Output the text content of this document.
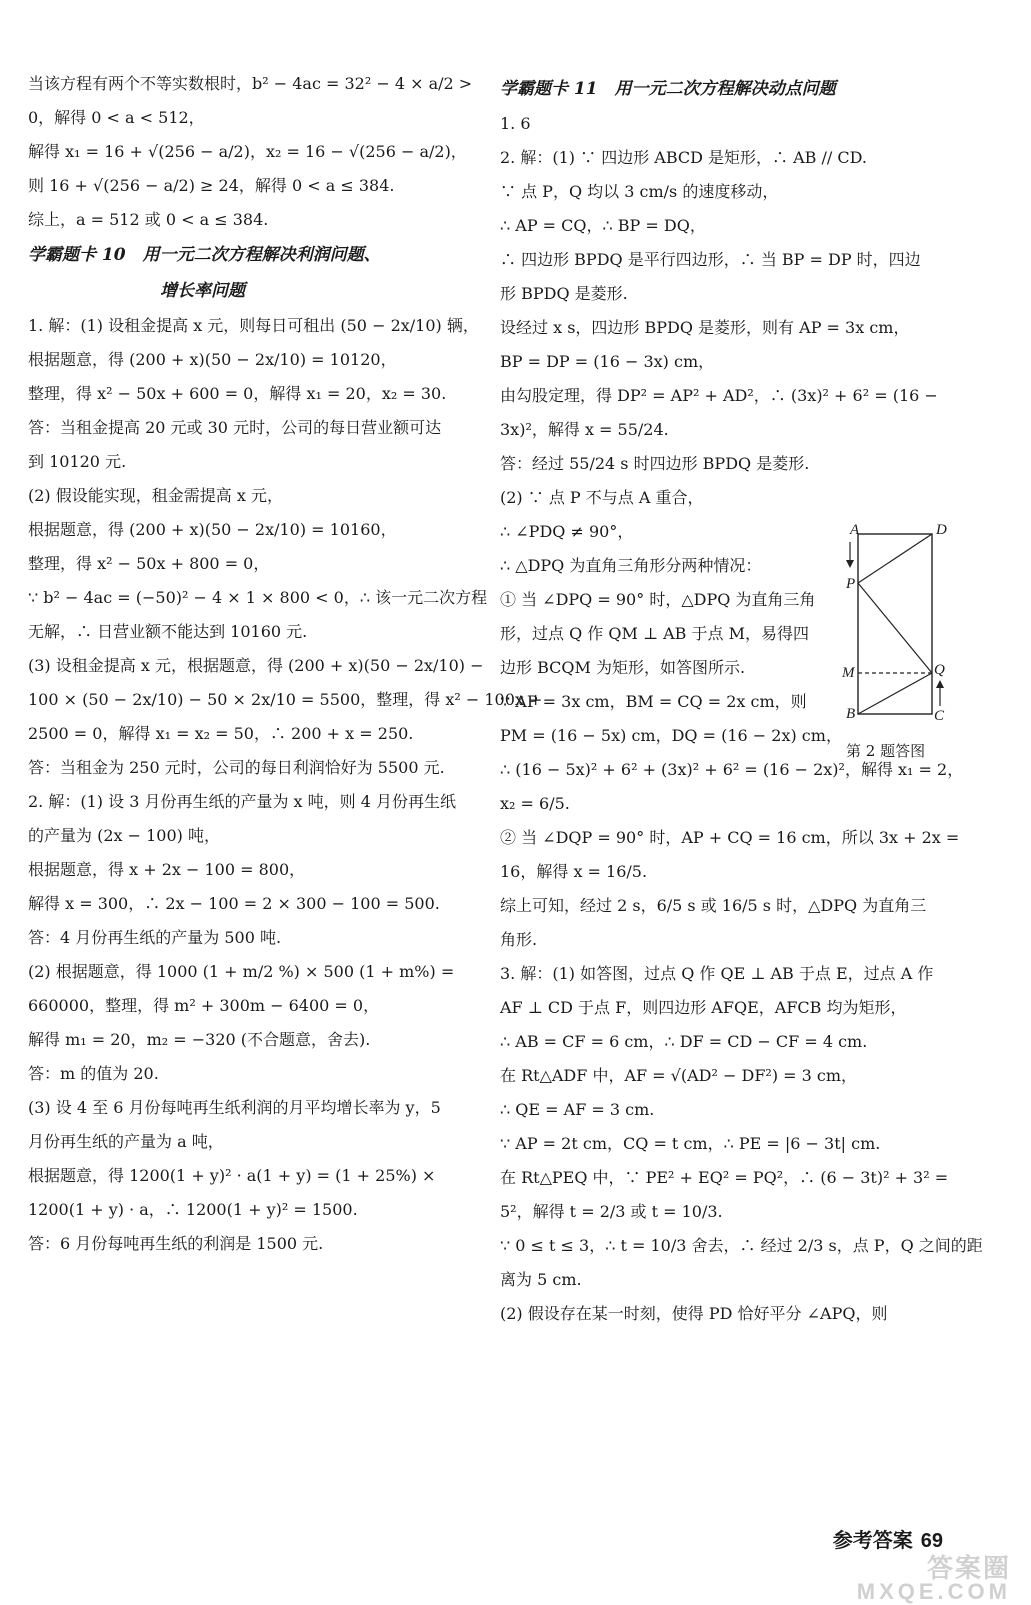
当该方程有两个不等实数根时，b² − 4ac = 32² − 4 × a/2 >
0，解得 0 < a < 512，
解得 x₁ = 16 + √(256 − a/2)，x₂ = 16 − √(256 − a/2)，
则 16 + √(256 − a/2) ≥ 24，解得 0 < a ≤ 384.
综上，a = 512 或 0 < a ≤ 384.
学霸题卡 10　用一元二次方程解决利润问题、
增长率问题
1. 解：(1) 设租金提高 x 元，则每日可租出 (50 − 2x/10) 辆，
根据题意，得 (200 + x)(50 − 2x/10) = 10120，
整理，得 x² − 50x + 600 = 0，解得 x₁ = 20，x₂ = 30.
答：当租金提高 20 元或 30 元时，公司的每日营业额可达
到 10120 元.
(2) 假设能实现，租金需提高 x 元，
根据题意，得 (200 + x)(50 − 2x/10) = 10160，
整理，得 x² − 50x + 800 = 0，
∵ b² − 4ac = (−50)² − 4 × 1 × 800 < 0，∴ 该一元二次方程
无解，∴ 日营业额不能达到 10160 元.
(3) 设租金提高 x 元，根据题意，得 (200 + x)(50 − 2x/10) −
100 × (50 − 2x/10) − 50 × 2x/10 = 5500，整理，得 x² − 100x +
2500 = 0，解得 x₁ = x₂ = 50，∴ 200 + x = 250.
答：当租金为 250 元时，公司的每日利润恰好为 5500 元.
2. 解：(1) 设 3 月份再生纸的产量为 x 吨，则 4 月份再生纸
的产量为 (2x − 100) 吨，
根据题意，得 x + 2x − 100 = 800，
解得 x = 300，∴ 2x − 100 = 2 × 300 − 100 = 500.
答：4 月份再生纸的产量为 500 吨.
(2) 根据题意，得 1000 (1 + m/2 %) × 500 (1 + m%) =
660000，整理，得 m² + 300m − 6400 = 0，
解得 m₁ = 20，m₂ = −320 (不合题意，舍去).
答：m 的值为 20.
(3) 设 4 至 6 月份每吨再生纸利润的月平均增长率为 y，5
月份再生纸的产量为 a 吨，
根据题意，得 1200(1 + y)² · a(1 + y) = (1 + 25%) ×
1200(1 + y) · a，∴ 1200(1 + y)² = 1500.
答：6 月份每吨再生纸的利润是 1500 元.
学霸题卡 11　用一元二次方程解决动点问题
1. 6
2. 解：(1) ∵ 四边形 ABCD 是矩形，∴ AB // CD.
∵ 点 P，Q 均以 3 cm/s 的速度移动，
∴ AP = CQ，∴ BP = DQ，
∴ 四边形 BPDQ 是平行四边形，∴ 当 BP = DP 时，四边
形 BPDQ 是菱形.
设经过 x s，四边形 BPDQ 是菱形，则有 AP = 3x cm，
BP = DP = (16 − 3x) cm，
由勾股定理，得 DP² = AP² + AD²，∴ (3x)² + 6² = (16 −
3x)²，解得 x = 55/24.
答：经过 55/24 s 时四边形 BPDQ 是菱形.
(2) ∵ 点 P 不与点 A 重合，
∴ ∠PDQ ≠ 90°，
∴ △DPQ 为直角三角形分两种情况：
① 当 ∠DPQ = 90° 时，△DPQ 为直角三角
形，过点 Q 作 QM ⊥ AB 于点 M，易得四
边形 BCQM 为矩形，如答图所示.
∵ AP = 3x cm，BM = CQ = 2x cm，则
PM = (16 − 5x) cm，DQ = (16 − 2x) cm，
∴ (16 − 5x)² + 6² + (3x)² + 6² = (16 − 2x)²，解得 x₁ = 2，
x₂ = 6/5.
② 当 ∠DQP = 90° 时，AP + CQ = 16 cm，所以 3x + 2x =
16，解得 x = 16/5.
综上可知，经过 2 s，6/5 s 或 16/5 s 时，△DPQ 为直角三
角形.
3. 解：(1) 如答图，过点 Q 作 QE ⊥ AB 于点 E，过点 A 作
AF ⊥ CD 于点 F，则四边形 AFQE，AFCB 均为矩形，
∴ AB = CF = 6 cm，∴ DF = CD − CF = 4 cm.
在 Rt△ADF 中，AF = √(AD² − DF²) = 3 cm，
∴ QE = AF = 3 cm.
∵ AP = 2t cm，CQ = t cm，∴ PE = |6 − 3t| cm.
在 Rt△PEQ 中，∵ PE² + EQ² = PQ²，∴ (6 − 3t)² + 3² =
5²，解得 t = 2/3 或 t = 10/3.
∵ 0 ≤ t ≤ 3，∴ t = 10/3 舍去，∴ 经过 2/3 s，点 P，Q 之间的距
离为 5 cm.
(2) 假设存在某一时刻，使得 PD 恰好平分 ∠APQ，则
A	D
P
M	Q
B	C
第 2 题答图
参考答案 69
答案圈
MXQE.COM
